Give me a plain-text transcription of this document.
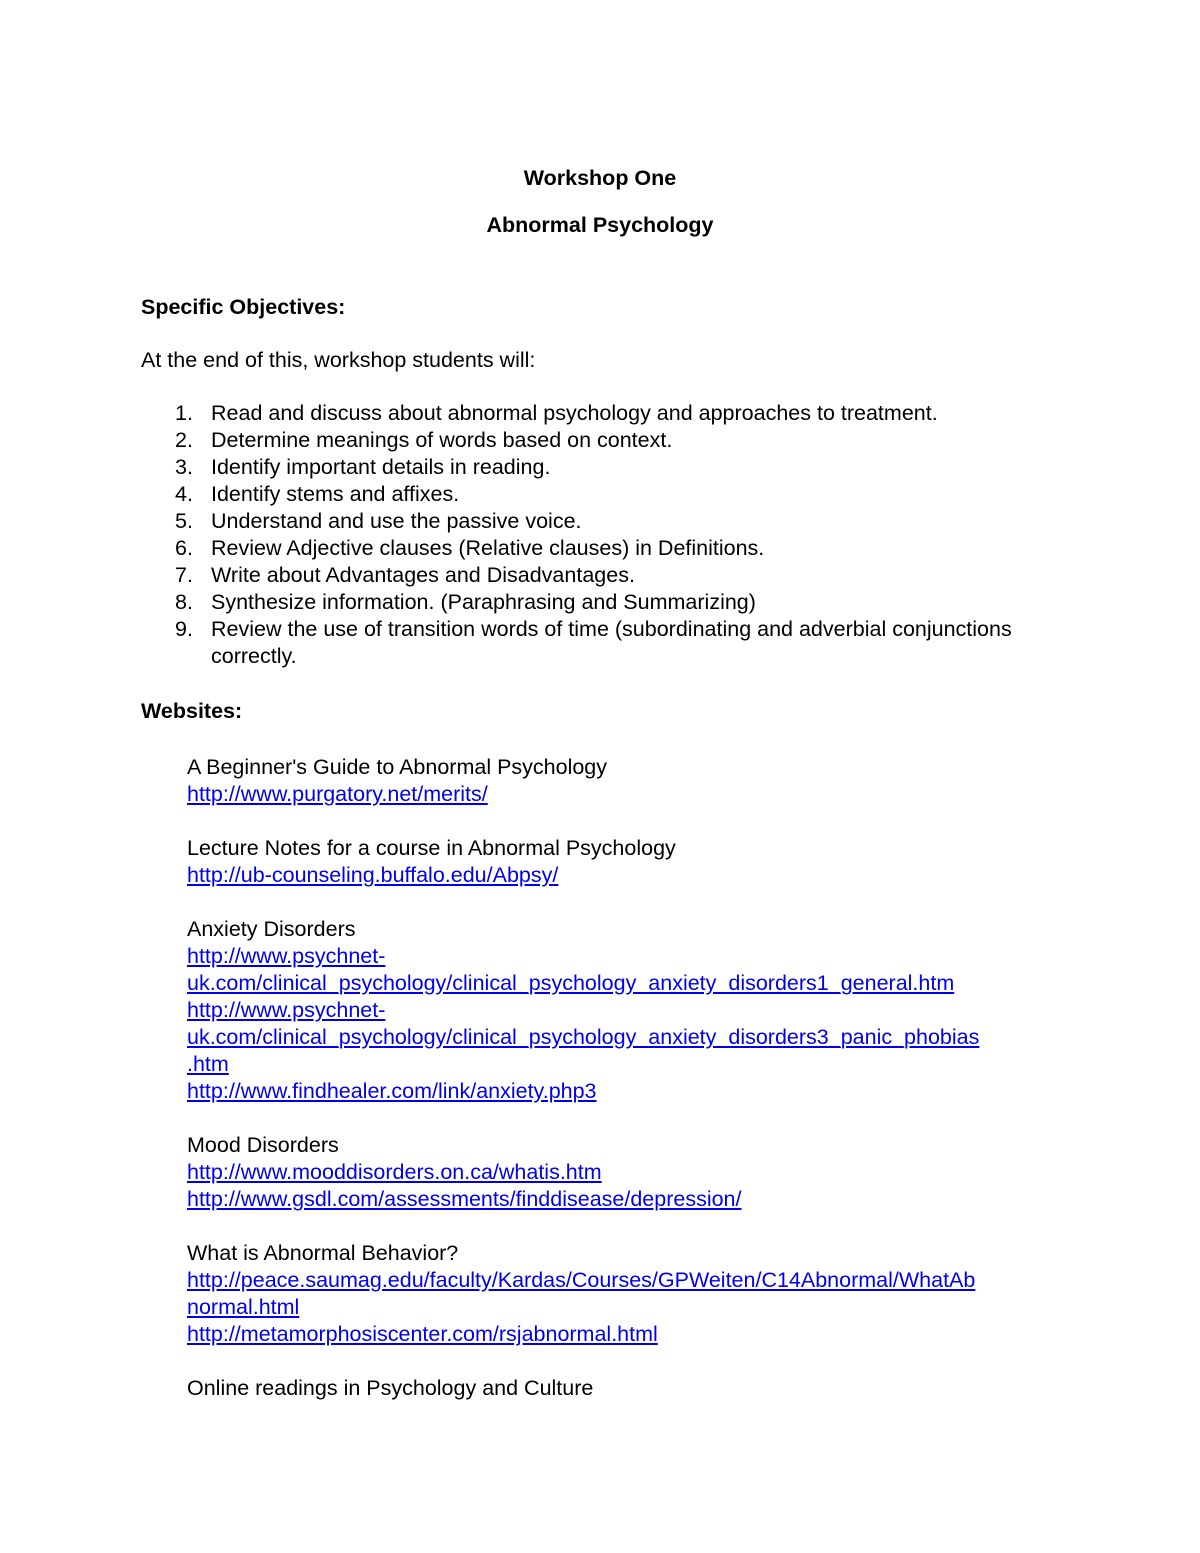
Workshop One
Abnormal Psychology
Specific Objectives:
At the end of this, workshop students will:
1. Read and discuss about abnormal psychology and approaches to treatment.
2. Determine meanings of words based on context.
3. Identify important details in reading.
4. Identify stems and affixes.
5. Understand and use the passive voice.
6. Review Adjective clauses (Relative clauses) in Definitions.
7. Write about Advantages and Disadvantages.
8. Synthesize information. (Paraphrasing and Summarizing)
9. Review the use of transition words of time (subordinating and adverbial conjunctions correctly.
Websites:
A Beginner's Guide to Abnormal Psychology
http://www.purgatory.net/merits/
Lecture Notes for a course in Abnormal Psychology
http://ub-counseling.buffalo.edu/Abpsy/
Anxiety Disorders
http://www.psychnet-
uk.com/clinical_psychology/clinical_psychology_anxiety_disorders1_general.htm
http://www.psychnet-
uk.com/clinical_psychology/clinical_psychology_anxiety_disorders3_panic_phobias
.htm
http://www.findhealer.com/link/anxiety.php3
Mood Disorders
http://www.mooddisorders.on.ca/whatis.htm
http://www.gsdl.com/assessments/finddisease/depression/
What is Abnormal Behavior?
http://peace.saumag.edu/faculty/Kardas/Courses/GPWeiten/C14Abnormal/WhatAb
normal.html
http://metamorphosiscenter.com/rsjabnormal.html
Online readings in Psychology and Culture
